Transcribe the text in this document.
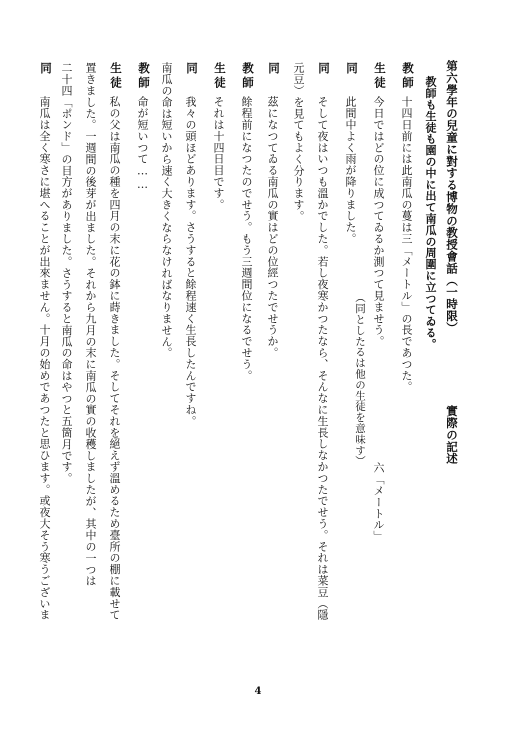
第六學年の兒童に對する博物の教授會話（一時限）
實際の記述
教師も生徒も園の中に出て南瓜の周圍に立つてゐる。
教師
生徒
同
同
同
教師
生徒
同
教師
生徒
同
十四日前には此南瓜の蔓は三「メートル」の長であつた。
今日ではどの位に成つてゐるか測つて見ませう。
六「メートル」
此間中よく雨が降りました。
（同としたるは他の生徒を意味す）
そして夜はいつも溫かでした。若し夜寒かつたなら、そんなに生長しなかつたでせう。それは菜豆（隱
元豆）を見てもよく分ります。
茲になつてゐる南瓜の實はどの位經つたでせうか。
餘程前になつたのでせう。もう三週間位になるでせう。
それは十四日目です。
我々の頭ほどあります。さうすると餘程速く生長したんですね。
南瓜の命は短いから速く大きくならなければなりません。
命が短いつて……
私の父は南瓜の種を四月の末に花の鉢に蒔きました。そしてそれを絕えず溫めるため臺所の棚に載せて
置きました。一週間の後芽が出ました。それから九月の末に南瓜の實の收穫しましたが、其中の一つは
二十四「ポンド」の目方がありました。さうすると南瓜の命はやつと五箇月です。
南瓜は全く寒さに堪へることが出來ません。十月の始めであつたと思ひます。或夜大そう寒うございま
4
